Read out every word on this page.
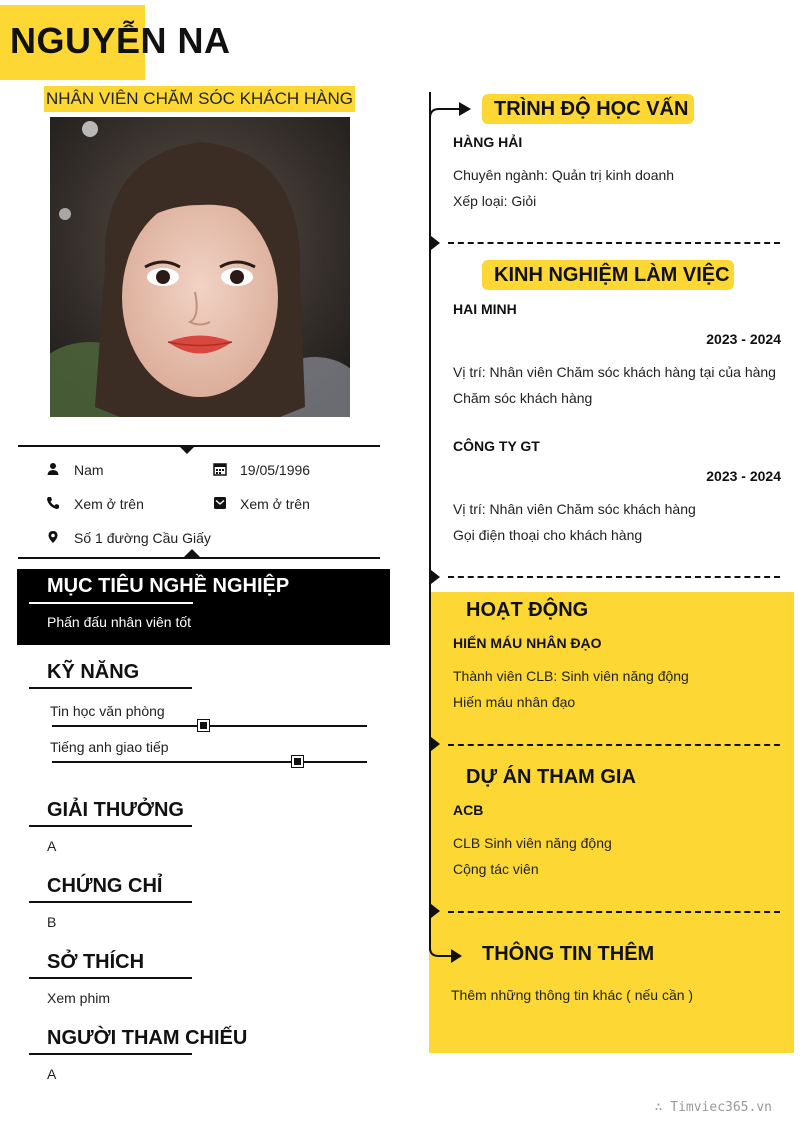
NGUYỄN NA
NHÂN VIÊN CHĂM SÓC KHÁCH HÀNG
Nam	19/05/1996
Xem ở trên	Xem ở trên
Số 1 đường Cầu Giấy
MỤC TIÊU NGHỀ NGHIỆP
Phấn đấu nhân viên tốt
KỸ NĂNG
Tin học văn phòng
Tiếng anh giao tiếp
GIẢI THƯỞNG
A
CHỨNG CHỈ
B
SỞ THÍCH
Xem phim
NGƯỜI THAM CHIẾU
A
TRÌNH ĐỘ HỌC VẤN
HÀNG HẢI
Chuyên ngành: Quản trị kinh doanh
Xếp loại: Giỏi
KINH NGHIỆM LÀM VIỆC
HAI MINH
2023 - 2024
Vị trí: Nhân viên Chăm sóc khách hàng tại của hàng
Chăm sóc khách hàng
CÔNG TY GT
2023 - 2024
Vị trí: Nhân viên Chăm sóc khách hàng
Gọi điện thoại cho khách hàng
HOẠT ĐỘNG
HIẾN MÁU NHÂN ĐẠO
Thành viên CLB: Sinh viên năng động
Hiến máu nhân đạo
DỰ ÁN THAM GIA
ACB
CLB Sinh viên năng động
Cộng tác viên
THÔNG TIN THÊM
Thêm những thông tin khác ( nếu cần )
∴ Timviec365.vn
